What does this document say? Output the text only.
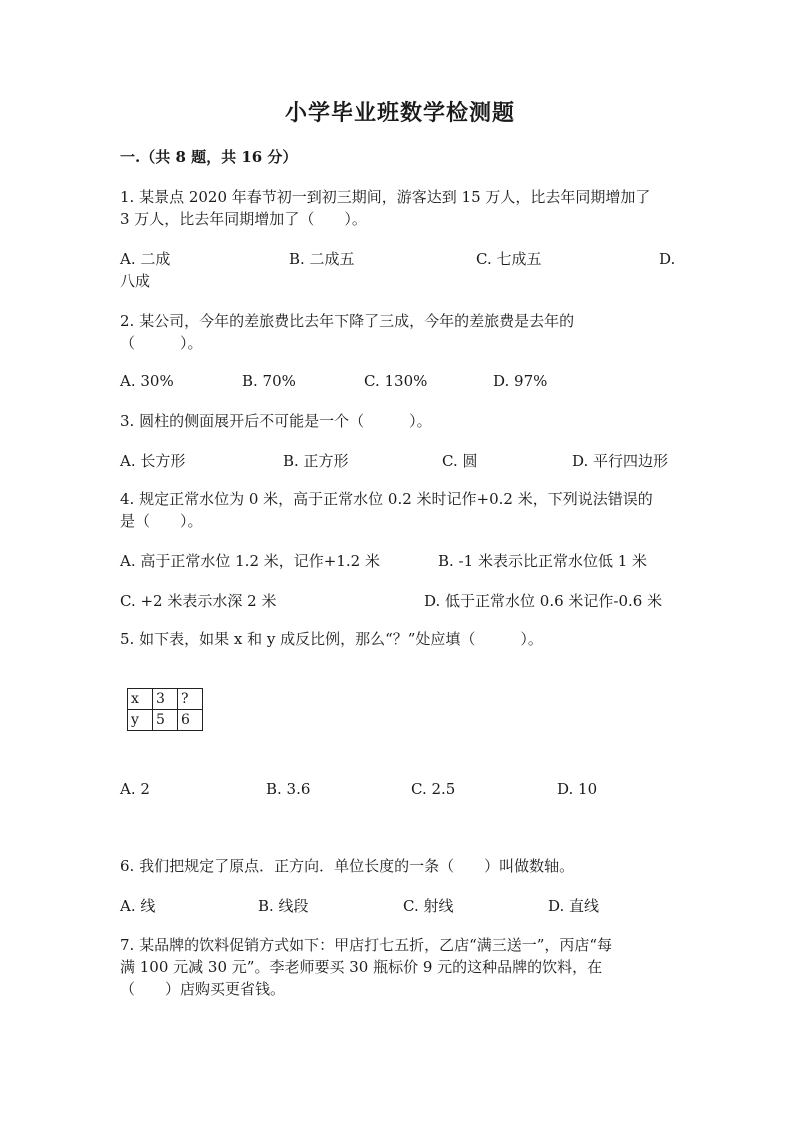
小学毕业班数学检测题
一.（共 8 题，共 16 分）
1. 某景点 2020 年春节初一到初三期间，游客达到 15 万人，比去年同期增加了
3 万人，比去年同期增加了（　　）。
A. 二成	B. 二成五	C. 七成五	D.
八成
2. 某公司，今年的差旅费比去年下降了三成，今年的差旅费是去年的
（　　　）。
A. 30%	B. 70%	C. 130%	D. 97%
3. 圆柱的侧面展开后不可能是一个（　　　）。
A. 长方形	B. 正方形	C. 圆	D. 平行四边形
4. 规定正常水位为 0 米，高于正常水位 0.2 米时记作+0.2 米，下列说法错误的
是（　　）。
A. 高于正常水位 1.2 米，记作+1.2 米	B. -1 米表示比正常水位低 1 米
C. +2 米表示水深 2 米	D. 低于正常水位 0.6 米记作-0.6 米
5. 如下表，如果 x 和 y 成反比例，那么“？”处应填（　　　）。
x	3	?
y	5	6
A. 2	B. 3.6	C. 2.5	D. 10
6. 我们把规定了原点．正方向．单位长度的一条（　　）叫做数轴。
A. 线	B. 线段	C. 射线	D. 直线
7. 某品牌的饮料促销方式如下：甲店打七五折，乙店“满三送一”，丙店“每
满 100 元减 30 元”。李老师要买 30 瓶标价 9 元的这种品牌的饮料，在
（　　）店购买更省钱。
